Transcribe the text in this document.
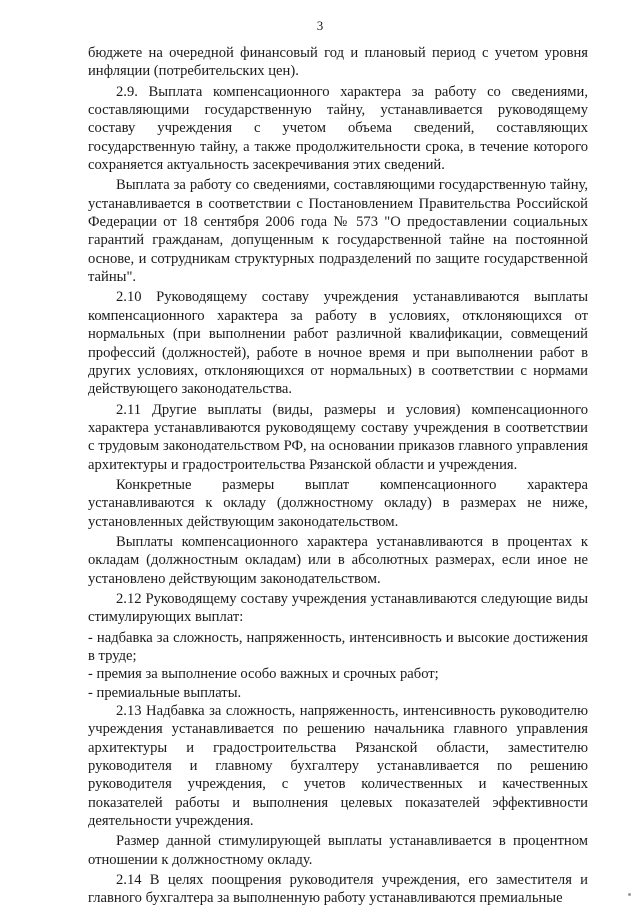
3

бюджете на очередной финансовый год и плановый период с учетом уровня инфляции (потребительских цен).

2.9. Выплата компенсационного характера за работу со сведениями, составляющими государственную тайну, устанавливается руководящему составу учреждения с учетом объема сведений, составляющих государственную тайну, а также продолжительности срока, в течение которого сохраняется актуальность засекречивания этих сведений.

Выплата за работу со сведениями, составляющими государственную тайну, устанавливается в соответствии с Постановлением Правительства Российской Федерации от 18 сентября 2006 года № 573 "О предоставлении социальных гарантий гражданам, допущенным к государственной тайне на постоянной основе, и сотрудникам структурных подразделений по защите государственной тайны".

2.10 Руководящему составу учреждения устанавливаются выплаты компенсационного характера за работу в условиях, отклоняющихся от нормальных (при выполнении работ различной квалификации, совмещений профессий (должностей), работе в ночное время и при выполнении работ в других условиях, отклоняющихся от нормальных) в соответствии с нормами действующего законодательства.

2.11 Другие выплаты (виды, размеры и условия) компенсационного характера устанавливаются руководящему составу учреждения в соответствии с трудовым законодательством РФ, на основании приказов главного управления архитектуры и градостроительства Рязанской области и учреждения.

Конкретные размеры выплат компенсационного характера устанавливаются к окладу (должностному окладу) в размерах не ниже, установленных действующим законодательством.

Выплаты компенсационного характера устанавливаются в процентах к окладам (должностным окладам) или в абсолютных размерах, если иное не установлено действующим законодательством.

2.12 Руководящему составу учреждения устанавливаются следующие виды стимулирующих выплат:

- надбавка за сложность, напряженность, интенсивность и высокие достижения в труде;

- премия за выполнение особо важных и срочных работ;

- премиальные выплаты.

2.13 Надбавка за сложность, напряженность, интенсивность руководителю учреждения устанавливается по решению начальника главного управления архитектуры и градостроительства Рязанской области, заместителю руководителя и главному бухгалтеру устанавливается по решению руководителя учреждения, с учетов количественных и качественных показателей работы и выполнения целевых показателей эффективности деятельности учреждения.

Размер данной стимулирующей выплаты устанавливается в процентном отношении к должностному окладу.

2.14 В целях поощрения руководителя учреждения, его заместителя и главного бухгалтера за выполненную работу устанавливаются премиальные
